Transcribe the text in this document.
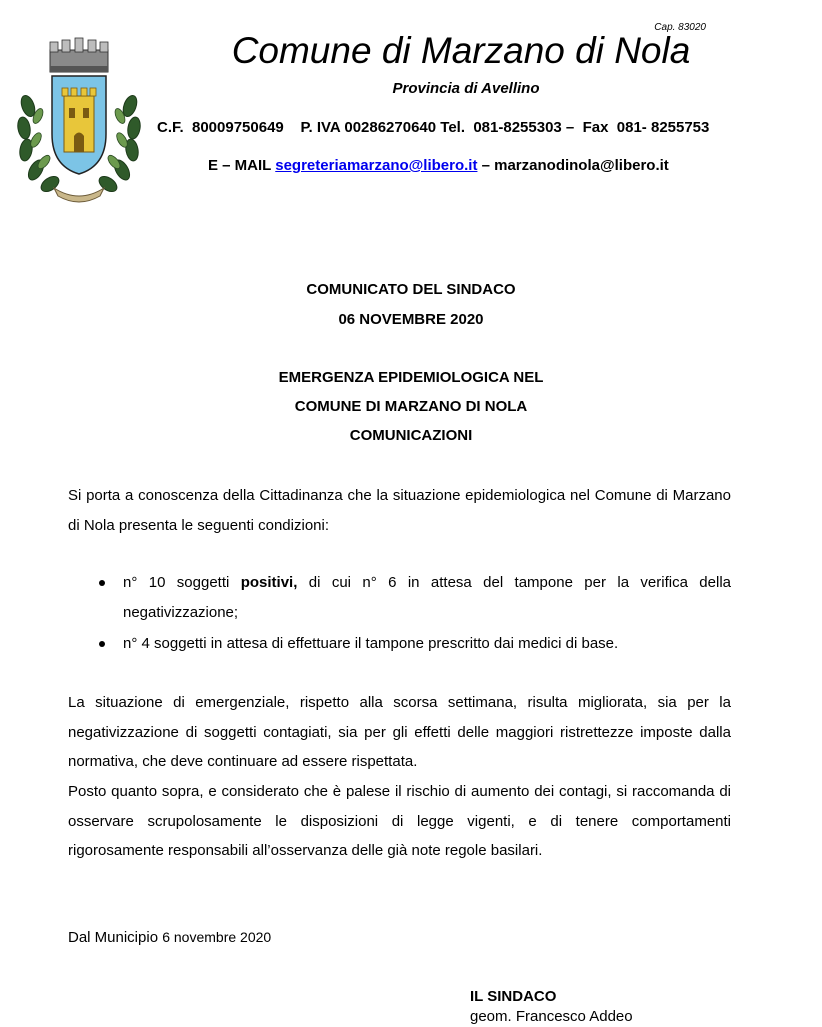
Cap. 83020
Comune di Marzano di Nola
Provincia di Avellino
C.F.  80009750649    P. IVA 00286270640 Tel.  081-8255303 –  Fax  081- 8255753
E – MAIL segreteriamarzano@libero.it – marzanodinola@libero.it
COMUNICATO DEL SINDACO
06 NOVEMBRE 2020
EMERGENZA EPIDEMIOLOGICA NEL
COMUNE DI MARZANO DI NOLA
COMUNICAZIONI
Si porta a conoscenza della Cittadinanza che la situazione epidemiologica nel Comune di Marzano di Nola presenta le seguenti condizioni:
n° 10 soggetti positivi, di cui n° 6 in attesa del tampone per la verifica della negativizzazione;
n° 4 soggetti in attesa di effettuare il tampone prescritto dai medici di base.
La situazione di emergenziale, rispetto alla scorsa settimana, risulta migliorata, sia per la negativizzazione di soggetti contagiati, sia per gli effetti delle maggiori ristrettezze imposte dalla normativa, che deve continuare ad essere rispettata.
Posto quanto sopra, e considerato che è palese il rischio di aumento dei contagi, si raccomanda di osservare scrupolosamente le disposizioni di legge vigenti, e di tenere comportamenti rigorosamente responsabili all’osservanza delle già note regole basilari.
Dal Municipio 6 novembre 2020
IL SINDACO
geom. Francesco Addeo
